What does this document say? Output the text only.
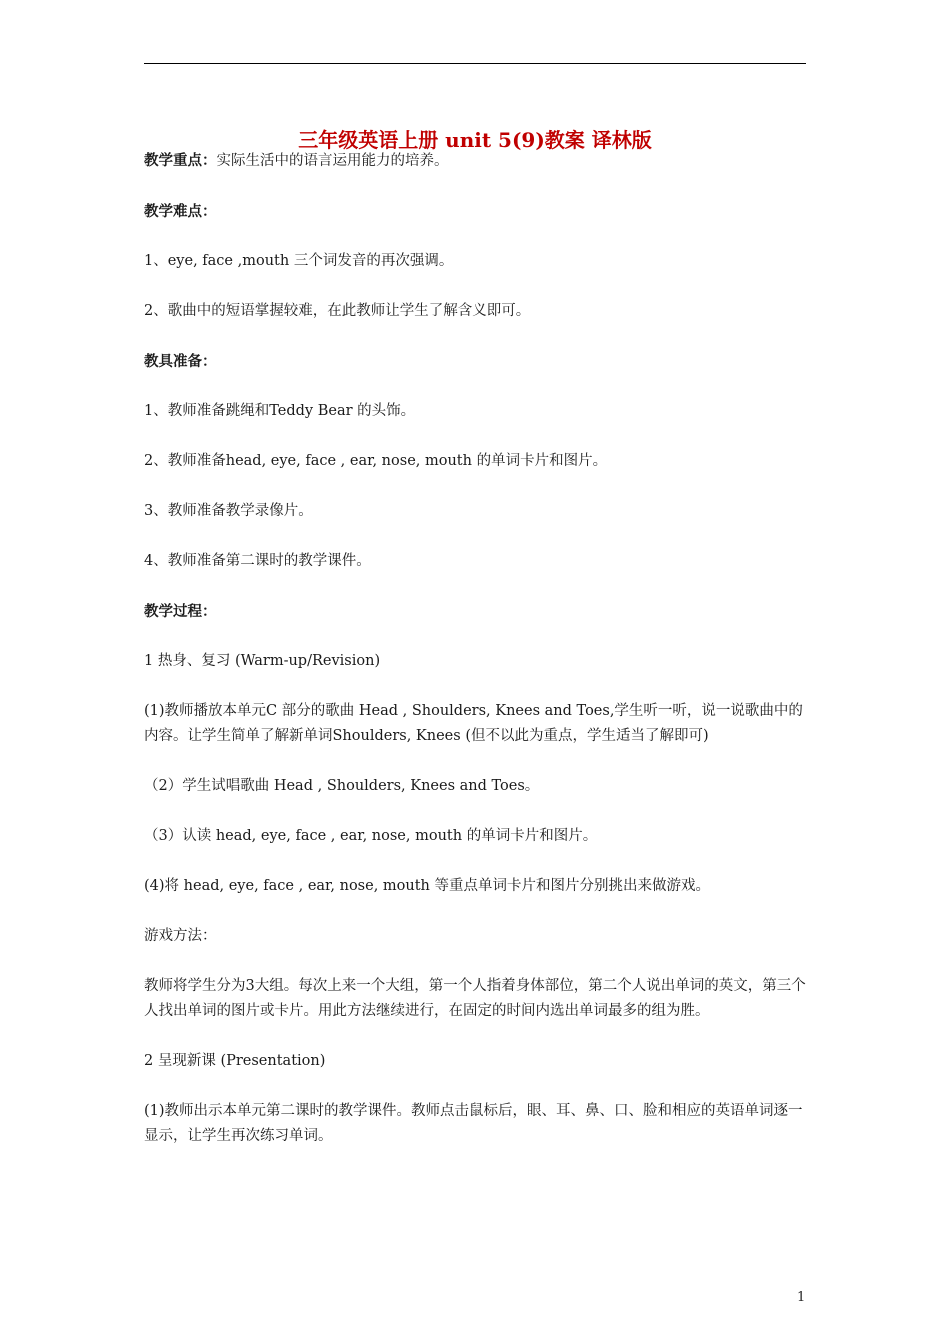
三年级英语上册 unit 5(9)教案 译林版

教学重点：实际生活中的语言运用能力的培养。

教学难点：

1、eye, face ,mouth 三个词发音的再次强调。

2、歌曲中的短语掌握较难，在此教师让学生了解含义即可。

教具准备：

1、教师准备跳绳和Teddy Bear 的头饰。

2、教师准备head, eye, face , ear, nose, mouth 的单词卡片和图片。

3、教师准备教学录像片。

4、教师准备第二课时的教学课件。

教学过程：

1 热身、复习 (Warm-up/Revision)

(1)教师播放本单元C 部分的歌曲 Head , Shoulders, Knees and Toes,学生听一听，说一说歌曲中的内容。让学生简单了解新单词Shoulders, Knees (但不以此为重点，学生适当了解即可)

（2）学生试唱歌曲 Head , Shoulders, Knees and Toes。

（3）认读 head, eye, face , ear, nose, mouth 的单词卡片和图片。

(4)将 head, eye, face , ear, nose, mouth 等重点单词卡片和图片分别挑出来做游戏。

游戏方法：

教师将学生分为3大组。每次上来一个大组，第一个人指着身体部位，第二个人说出单词的英文，第三个人找出单词的图片或卡片。用此方法继续进行，在固定的时间内选出单词最多的组为胜。

2 呈现新课 (Presentation)

(1)教师出示本单元第二课时的教学课件。教师点击鼠标后，眼、耳、鼻、口、脸和相应的英语单词逐一显示，让学生再次练习单词。

1
